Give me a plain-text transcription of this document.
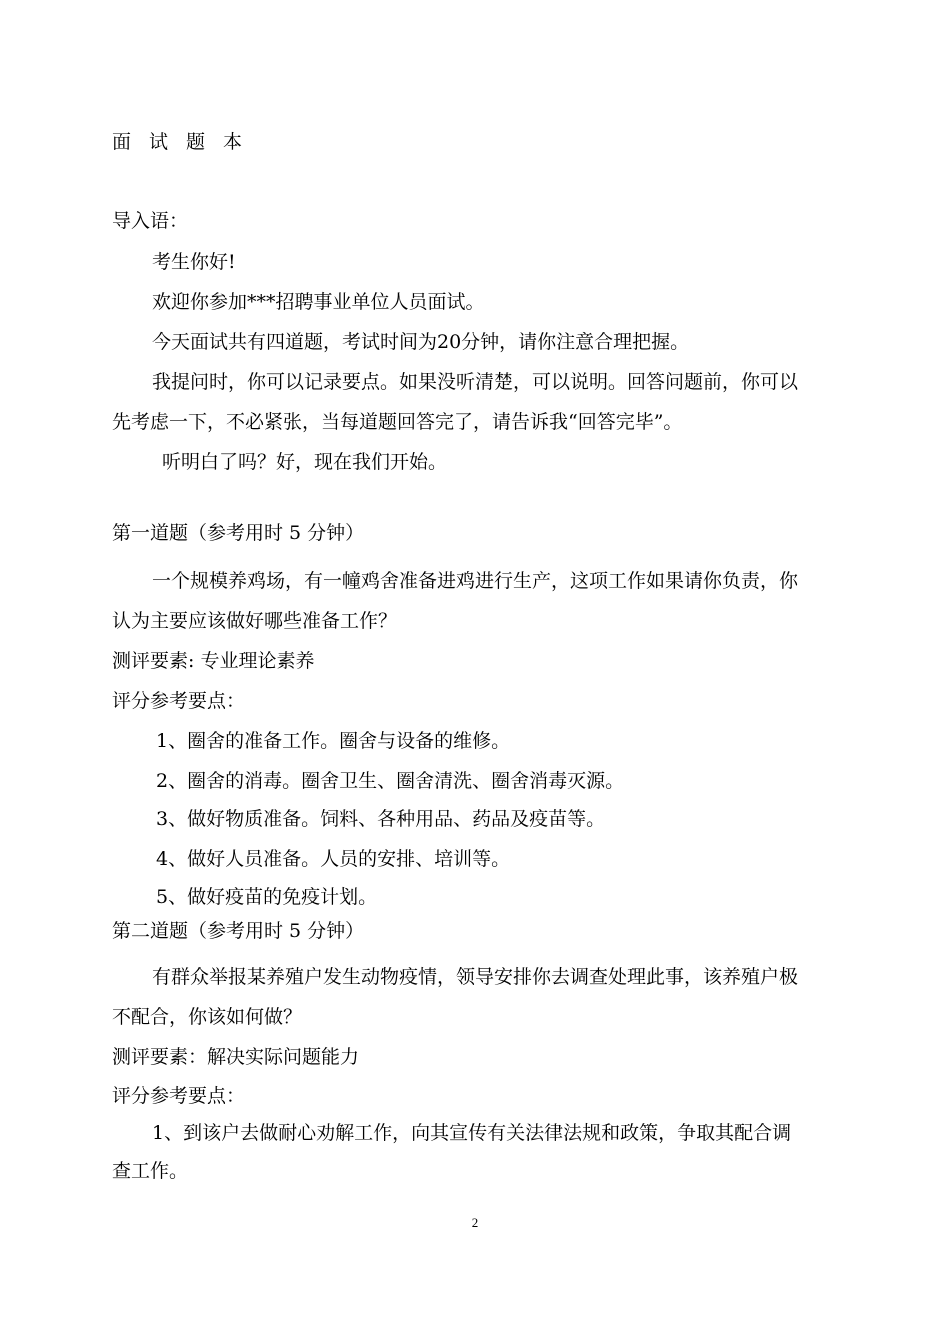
面试题本
导入语：
考生你好!
欢迎你参加***招聘事业单位人员面试。
今天面试共有四道题，考试时间为20分钟，请你注意合理把握。
我提问时，你可以记录要点。如果没听清楚，可以说明。回答问题前，你可以
先考虑一下，不必紧张，当每道题回答完了，请告诉我“回答完毕”。
听明白了吗？好，现在我们开始。
第一道题（参考用时 5 分钟）
一个规模养鸡场，有一幢鸡舍准备进鸡进行生产，这项工作如果请你负责，你
认为主要应该做好哪些准备工作？
测评要素: 专业理论素养
评分参考要点：
1、圈舍的准备工作。圈舍与设备的维修。
2、圈舍的消毒。圈舍卫生、圈舍清洗、圈舍消毒灭源。
3、做好物质准备。饲料、各种用品、药品及疫苗等。
4、做好人员准备。人员的安排、培训等。
5、做好疫苗的免疫计划。
第二道题（参考用时 5 分钟）
有群众举报某养殖户发生动物疫情，领导安排你去调查处理此事，该养殖户极
不配合，你该如何做？
测评要素：解决实际问题能力
评分参考要点：
1、到该户去做耐心劝解工作，向其宣传有关法律法规和政策，争取其配合调
查工作。
2
